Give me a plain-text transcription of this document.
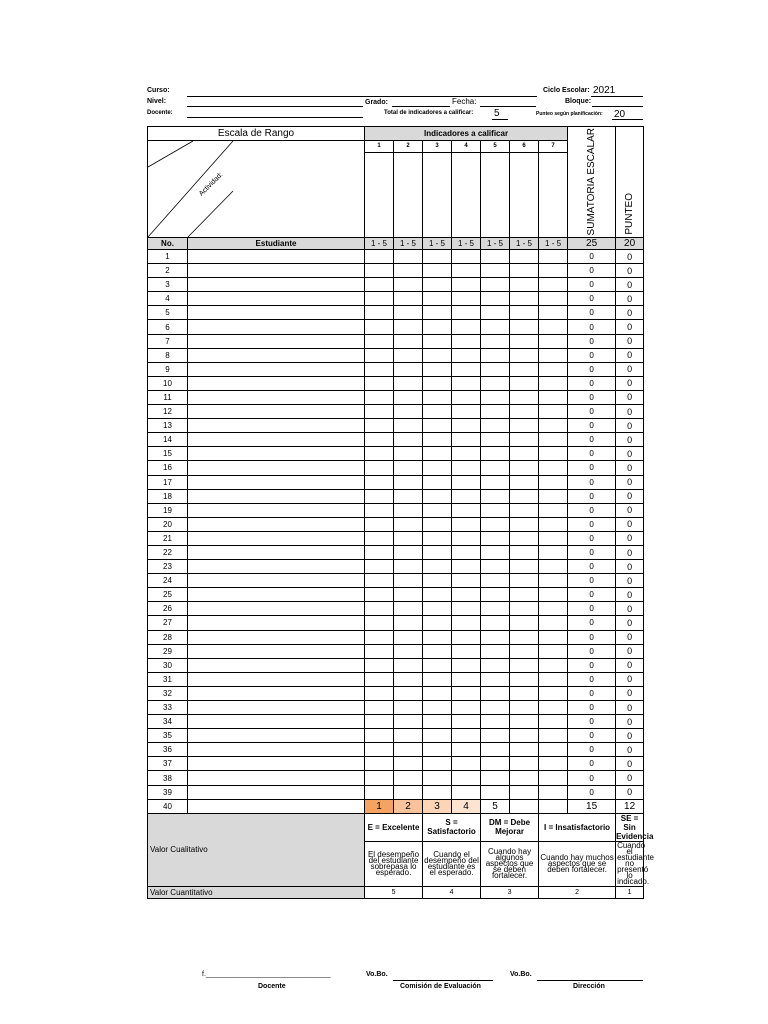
Curso:
Nivel:	Grado:	Fecha:
Docente:	Total de indicadores a calificar: 5
Ciclo Escolar: 2021
Bloque:
Punteo según planificación: 20
Escala de Rango
Actividad:		Indicadores a calificar							SUMATORIA ESCALAR	PUNTEO

		1	2	3	4	5	6	7		

No.	Estudiante	1 - 5	1 - 5	1 - 5	1 - 5	1 - 5	1 - 5	1 - 5	25	20
1									0	0
2									0	0
3									0	0
4									0	0
5									0	0
6									0	0
7									0	0
8									0	0
9									0	0
10									0	0
11									0	0
12									0	0
13									0	0
14									0	0
15									0	0
16									0	0
17									0	0
18									0	0
19									0	0
20									0	0
21									0	0
22									0	0
23									0	0
24									0	0
25									0	0
26									0	0
27									0	0
28									0	0
29									0	0
30									0	0
31									0	0
32									0	0
33									0	0
34									0	0
35									0	0
36									0	0
37									0	0
38									0	0
39									0	0
40		1	2	3	4	5			15	12
Valor Cualitativo		E = Excelente		S = Satisfactorio		DM = Debe Mejorar		I = Insatisfactorio		SE = Sin Evidencia
		El desempeño del estudiante sobrepasa lo esperado.		Cuando el desempeño del estudiante es el esperado.		Cuando hay algunos aspectos que se deben fortalecer.		Cuando hay muchos aspectos que se deben fortalecer.		Cuando el estudiante no presentó lo indicado.
Valor Cuantitativo		5		4		3		2		1
f.________________________________
Docente
Vo.Bo.
Comisión de Evaluación
Vo.Bo.
Dirección
